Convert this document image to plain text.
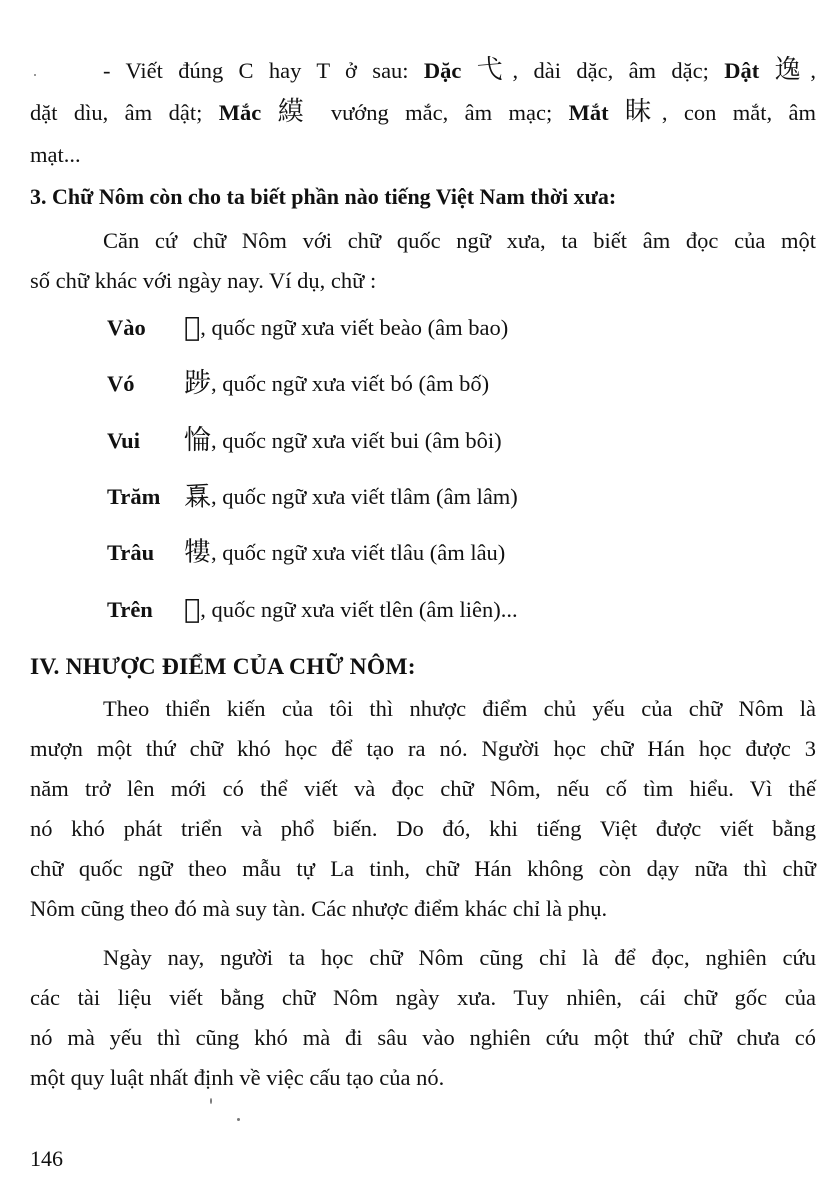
- Viết đúng C hay T ở sau: Dặc 弋, dài dặc, âm dặc; Dật 逸,
dặt dìu, âm dật; Mắc 縸 vướng mắc, âm mạc; Mắt 眜, con mắt, âm
mạt...
3. Chữ Nôm còn cho ta biết phần nào tiếng Việt Nam thời xưa:
Căn cứ chữ Nôm với chữ quốc ngữ xưa, ta biết âm đọc của một
số chữ khác với ngày nay. Ví dụ, chữ :
Vào 𠓺, quốc ngữ xưa viết beào (âm bao)
Vó 踄, quốc ngữ xưa viết bó (âm bố)
Vui 惀, quốc ngữ xưa viết bui (âm bôi)
Trăm 𤾓, quốc ngữ xưa viết tlâm (âm lâm)
Trâu 𤛠, quốc ngữ xưa viết tlâu (âm lâu)
Trên 𨕭, quốc ngữ xưa viết tlên (âm liên)...
IV. NHƯỢC ĐIỂM CỦA CHỮ NÔM:
Theo thiển kiến của tôi thì nhược điểm chủ yếu của chữ Nôm là
mượn một thứ chữ khó học để tạo ra nó. Người học chữ Hán học được 3
năm trở lên mới có thể viết và đọc chữ Nôm, nếu cố tìm hiểu. Vì thế
nó khó phát triển và phổ biến. Do đó, khi tiếng Việt được viết bằng
chữ quốc ngữ theo mẫu tự La tinh, chữ Hán không còn dạy nữa thì chữ
Nôm cũng theo đó mà suy tàn. Các nhược điểm khác chỉ là phụ.
Ngày nay, người ta học chữ Nôm cũng chỉ là để đọc, nghiên cứu
các tài liệu viết bằng chữ Nôm ngày xưa. Tuy nhiên, cái chữ gốc của
nó mà yếu thì cũng khó mà đi sâu vào nghiên cứu một thứ chữ chưa có
một quy luật nhất định về việc cấu tạo của nó.
146
